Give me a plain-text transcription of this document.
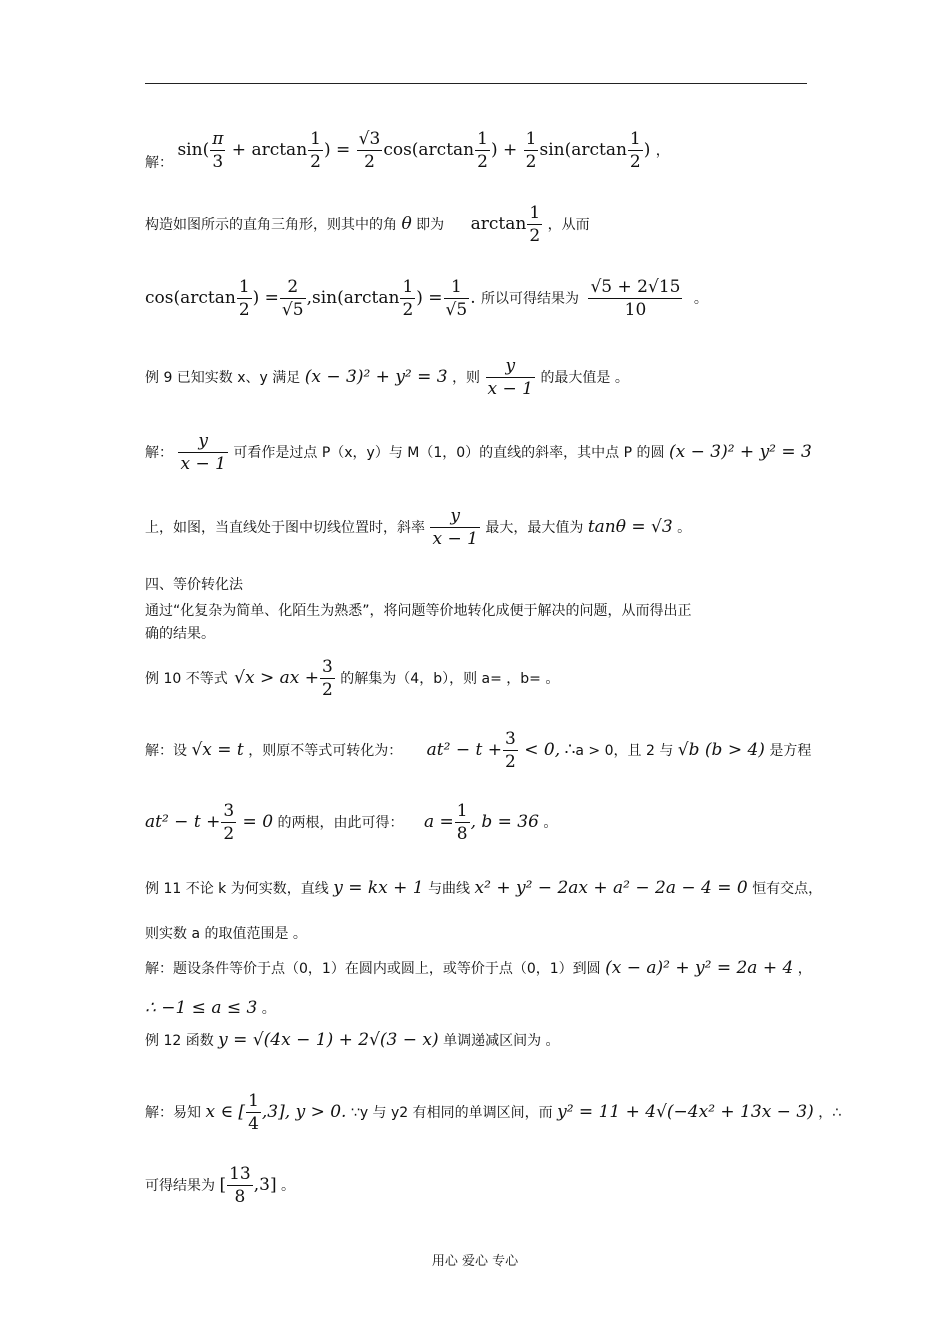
解： $\sin( \frac{\pi}{3} + \arctan \frac{1}{2}$ ) = $\frac{√3}{2} \cos(\arctan \frac{1}{2}$ ) + $\frac{1}{2} \sin(\arctan \frac{1}{2}$ ) ，
构造如图所示的直角三角形，则其中的角 θ 即为 $\arctan \frac{1}{2}$ ，从而
$\cos(\arctan \frac{1}{2}$ ) = $\frac{2}{√5} ,\sin(\arctan \frac{1}{2}$ ) = $\frac{1}{√5}$ . 所以可得结果为 $\frac{√5 + 2√15}{10}$ 。
例 9 已知实数 x、y 满足 (x − 3)² + y² = 3 ，则 $\frac{y}{x - 1}$ 的最大值是 。
解： $\frac{y}{x - 1}$ 可看作是过点 P（x，y）与 M（1，0）的直线的斜率，其中点 P 的圆 (x − 3)² + y² = 3
上，如图，当直线处于图中切线位置时，斜率 $\frac{y}{x - 1}$ 最大，最大值为 tanθ = √3 。
四、等价转化法
通过“化复杂为简单、化陌生为熟悉”，将问题等价地转化成便于解决的问题，从而得出正
确的结果。
例 10 不等式 √x > ax + $\frac{3}{2}$ 的解集为（4，b），则 a= ，b= 。
解：设 √x = t ，则原不等式可转化为： $at^2 - t + \frac{3}{2} < 0$, ∴a > 0，且 2 与 √b (b > 4) 是方程
$at^2 - t + \frac{3}{2} = 0$ 的两根，由此可得： $a = \frac{1}{8}$ , b = 36 。
例 11 不论 k 为何实数，直线 y = kx + 1 与曲线 x² + y² − 2ax + a² − 2a − 4 = 0 恒有交点，
则实数 a 的取值范围是 。
解：题设条件等价于点（0，1）在圆内或圆上，或等价于点（0，1）到圆 (x − a)² + y² = 2a + 4 ，
∴ −1 ≤ a ≤ 3 。
例 12 函数 y = √(4x − 1) + 2√(3 − x) 单调递减区间为 。
解：易知 x ∈ [ $\frac{1}{4} ,3$], y > 0. ∵y 与 y2 有相同的单调区间，而 y² = 11 + 4√(−4x² + 13x − 3) ，∴
可得结果为 [ $\frac{13}{8} ,3$] 。
用心 爱心 专心
